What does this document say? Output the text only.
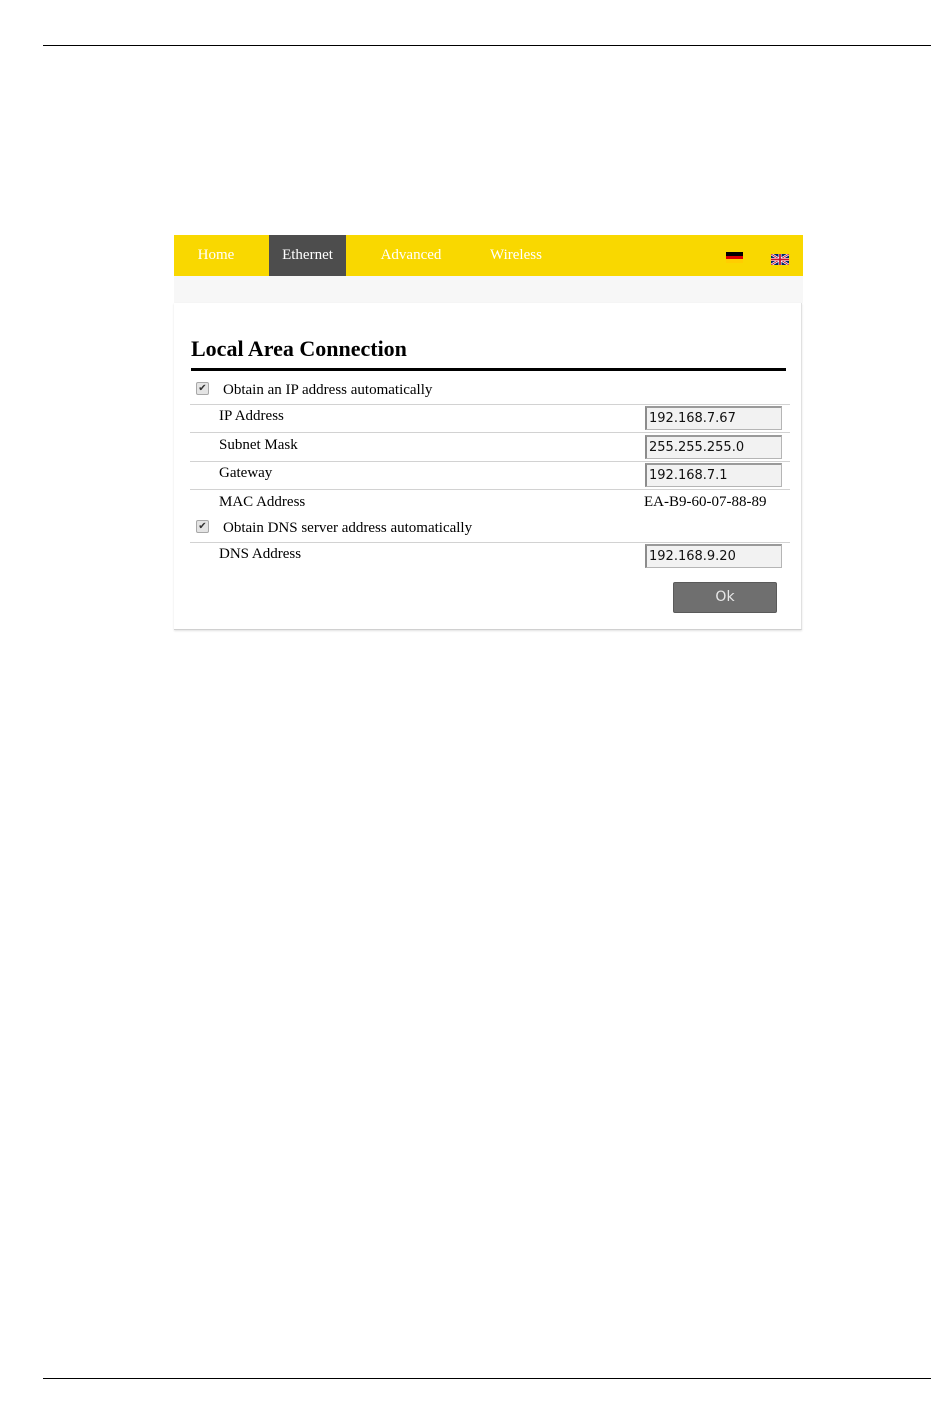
Home	Ethernet	Advanced	Wireless
Local Area Connection
✔ Obtain an IP address automatically
IP Address	192.168.7.67
Subnet Mask	255.255.255.0
Gateway	192.168.7.1
MAC Address	EA-B9-60-07-88-89
✔ Obtain DNS server address automatically
DNS Address	192.168.9.20
Ok
